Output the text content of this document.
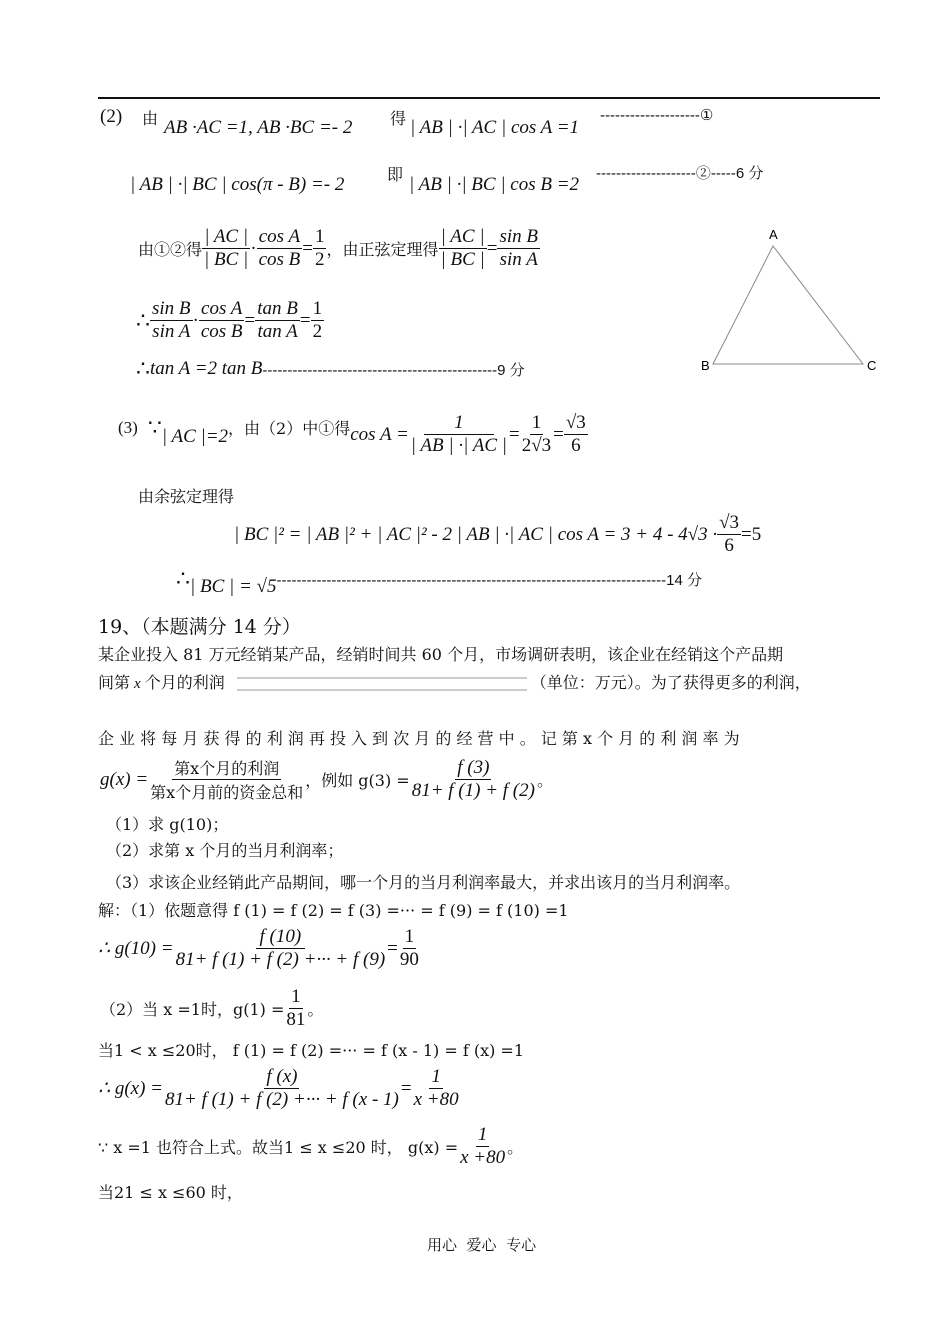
(2) 由 AB ·AC =1, AB ·BC =- 2 得 | AB | ·| AC | cos A =1
--------------------①
| AB | ·| BC | cos(π - B) =- 2	即 | AB | ·| BC | cos B =2
--------------------②-----6 分
由①②得 $\frac{| AC |}{| BC |} \cdot \frac{\text{cos A}}{\text{cos B}} = \frac{1}{2}$ ，由正弦定理得 $\frac{| AC |}{| BC |} = \frac{\text{sin B}}{\text{sin A}}$
∴ $\frac{\text{sin B}}{\text{sin A}} \cdot \frac{\text{cos A}}{\text{cos B}} = \frac{\text{tan B}}{\text{tan A}} = \frac{1}{2}$
∴ tan A =2 tan B -----------------------------------------------9 分
A
B	C
(3) ∵ | AC |=2 ，由（2）中①得 $\cos A = \frac{1}{| AB | \cdot| AC |} = \frac{1}{2√3} = \frac{√3}{6}$
由余弦定理得
| BC |² = | AB |² + | AC |² - 2 | AB | ·| AC | $\cos A = 3 + 4 - 4√3 \cdot \frac{√3}{6} =5$
∴ | BC | = √5 ------------------------------------------------------------------------------14 分
19、（本题满分 14 分）
某企业投入 81 万元经销某产品，经销时间共 60 个月，市场调研表明，该企业在经销这个产品期
间第 x 个月的利润	（单位：万元）。为了获得更多的利润，
企 业 将 每 月 获 得 的 利 润 再 投 入 到 次 月 的 经 营 中 。 记 第 x 个 月 的 利 润 率 为
$g(x) = \frac{\text{第x个月的利润}}{\text{第x个月前的资金总和}}$ ，例如 $g(3) = \frac{f (3)}{81+ f (1) + f (2)}$ 。
（1）求 g(10)；
（2）求第 x 个月的当月利润率；
（3）求该企业经销此产品期间，哪一个月的当月利润率最大，并求出该月的当月利润率。
解：（1）依题意得 f (1) = f (2) = f (3) =··· = f (9) = f (10) =1
∴ $g(10) = \frac{f (10)}{81+ f (1) + f (2) +\cdot\cdot\cdot + f (9)} = \frac{1}{90}$
（2）当 x =1时，$g(1) = \frac{1}{81}$ 。
当1 < x ≤20时， f (1) = f (2) =··· = f (x - 1) = f (x) =1
∴ $g(x) = \frac{f (x)}{81+ f (1) + f (2) +\cdot\cdot\cdot + f (x - 1)} = \frac{1}{x +80}$
∵ x =1 也符合上式。故当1 ≤ x ≤20 时， $g(x) = \frac{1}{x +80}$ 。
当21 ≤ x ≤60 时，
用心  爱心  专心
